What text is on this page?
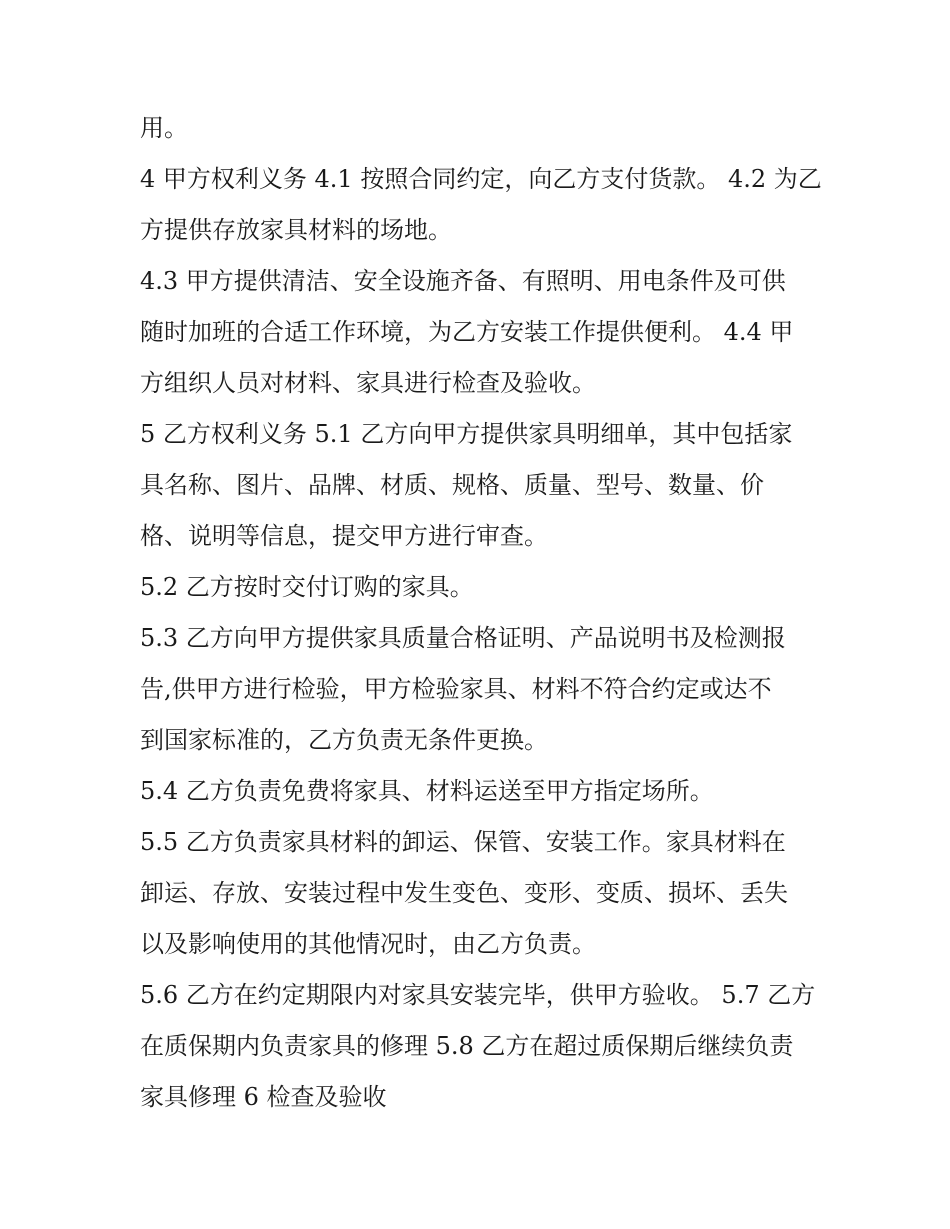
用。
4 甲方权利义务 4.1 按照合同约定，向乙方支付货款。 4.2 为乙
方提供存放家具材料的场地。
4.3 甲方提供清洁、安全设施齐备、有照明、用电条件及可供
随时加班的合适工作环境，为乙方安装工作提供便利。 4.4 甲
方组织人员对材料、家具进行检查及验收。
5 乙方权利义务 5.1 乙方向甲方提供家具明细单，其中包括家
具名称、图片、品牌、材质、规格、质量、型号、数量、价
格、说明等信息，提交甲方进行审查。
5.2 乙方按时交付订购的家具。
5.3 乙方向甲方提供家具质量合格证明、产品说明书及检测报
告,供甲方进行检验，甲方检验家具、材料不符合约定或达不
到国家标准的，乙方负责无条件更换。
5.4 乙方负责免费将家具、材料运送至甲方指定场所。
5.5 乙方负责家具材料的卸运、保管、安装工作。家具材料在
卸运、存放、安装过程中发生变色、变形、变质、损坏、丢失
以及影响使用的其他情况时，由乙方负责。
5.6 乙方在约定期限内对家具安装完毕，供甲方验收。 5.7 乙方
在质保期内负责家具的修理 5.8 乙方在超过质保期后继续负责
家具修理 6 检查及验收
